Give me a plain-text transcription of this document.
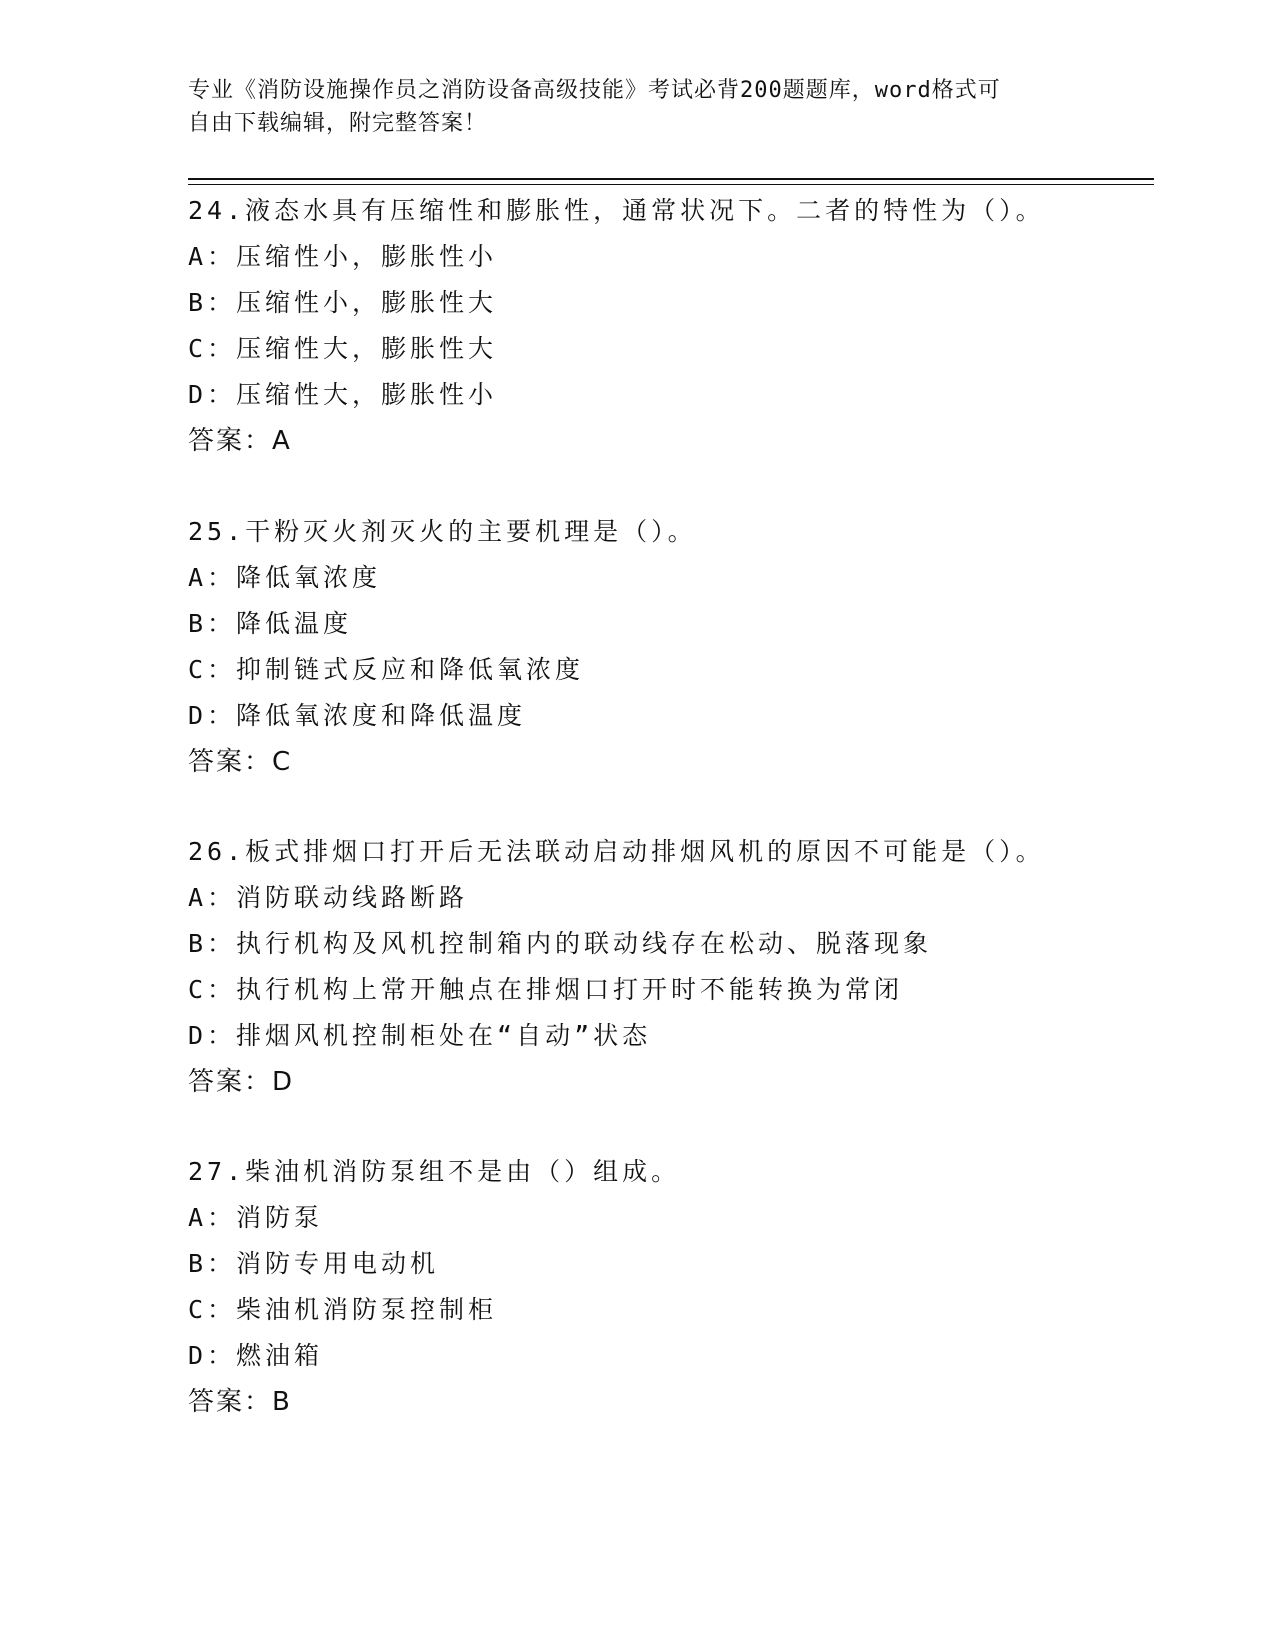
专业《消防设施操作员之消防设备高级技能》考试必背200题题库，word格式可

自由下载编辑，附完整答案！

24.液态水具有压缩性和膨胀性，通常状况下。二者的特性为（）。
A：压缩性小，膨胀性小
B：压缩性小，膨胀性大
C：压缩性大，膨胀性大
D：压缩性大，膨胀性小
答案：A
25.干粉灭火剂灭火的主要机理是（）。
A：降低氧浓度
B：降低温度
C：抑制链式反应和降低氧浓度
D：降低氧浓度和降低温度
答案：C
26.板式排烟口打开后无法联动启动排烟风机的原因不可能是（）。
A：消防联动线路断路
B：执行机构及风机控制箱内的联动线存在松动、脱落现象
C：执行机构上常开触点在排烟口打开时不能转换为常闭
D：排烟风机控制柜处在“自动”状态
答案：D
27.柴油机消防泵组不是由（）组成。
A：消防泵
B：消防专用电动机
C：柴油机消防泵控制柜
D：燃油箱
答案：B
